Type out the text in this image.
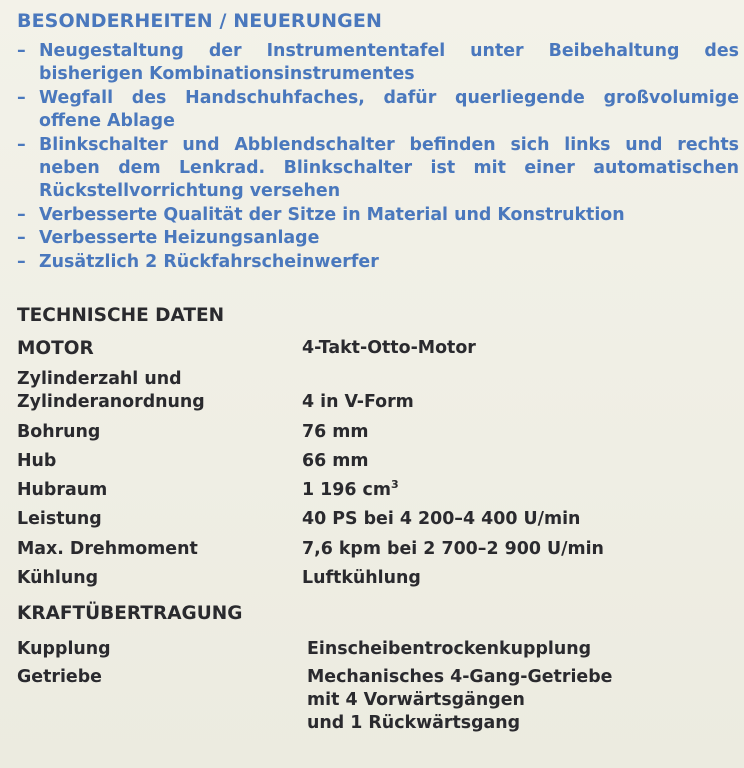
BESONDERHEITEN / NEUERUNGEN
– Neugestaltung der Instrumententafel unter Beibehaltung des
bisherigen Kombinationsinstrumentes
– Wegfall des Handschuhfaches, dafür querliegende großvolumige
offene Ablage
– Blinkschalter und Abblendschalter befinden sich links und rechts
neben dem Lenkrad. Blinkschalter ist mit einer automatischen
Rückstellvorrichtung versehen
– Verbesserte Qualität der Sitze in Material und Konstruktion
– Verbesserte Heizungsanlage
– Zusätzlich 2 Rückfahrscheinwerfer
TECHNISCHE DATEN
MOTOR	4-Takt-Otto-Motor
Zylinderzahl und
Zylinderanordnung	4 in V-Form
Bohrung	76 mm
Hub	66 mm
Hubraum	1 196 $cm^3$
Leistung	40 PS bei 4 200–4 400 U/min
Max. Drehmoment	7,6 kpm bei 2 700–2 900 U/min
Kühlung	Luftkühlung
KRAFTÜBERTRAGUNG
Kupplung	Einscheibentrockenkupplung
Getriebe	Mechanisches 4-Gang-Getriebe
mit 4 Vorwärtsgängen
und 1 Rückwärtsgang
